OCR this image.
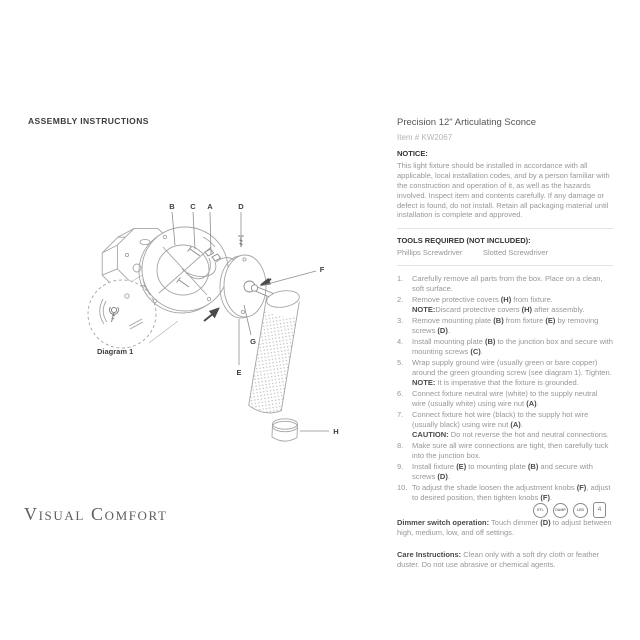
ASSEMBLY INSTRUCTIONS
B C A	D
F
G
E
H
Diagram 1
Visual Comfort

Precision 12" Articulating Sconce

Item # KW2067

NOTICE:

This light fixture should be installed in accordance with all applicable, local installation codes, and by a person familiar with the construction and operation of it, as well as the hazards involved. Inspect item and contents carefully. If any damage or defect is found, do not install. Retain all packaging material until installation is complete and approved.

TOOLS REQUIRED (NOT INCLUDED):

Phillips Screwdriver	Slotted Screwdriver
1.	Carefully remove all parts from the box. Place on a clean, soft surface.
2.	Remove protective covers (H) from fixture.
NOTE:Discard protective covers (H) after assembly.
3.	Remove mounting plate (B) from fixture (E) by removing screws (D).
4.	Install mounting plate (B) to the junction box and secure with mounting screws (C).
5.	Wrap supply ground wire (usually green or bare copper) around the green grounding screw (see diagram 1). Tighten.
NOTE: It is imperative that the fixture is grounded.
6.	Connect fixture neutral wire (white) to the supply neutral wire (usually white) using wire nut (A).
7.	Connect fixture hot wire (black) to the supply hot wire (usually black) using wire nut (A).
CAUTION: Do not reverse the hot and neutral connections.
8.	Make sure all wire connections are tight, then carefully tuck into the junction box.
9.	Install fixture (E) to mounting plate (B) and secure with screws (D).
10. To adjust the shade loosen the adjustment knobs (F), adjust to desired position, then tighten knobs (F).

Dimmer switch operation: Touch dimmer (D) to adjust between high, medium, low, and off settings.

Care Instructions: Clean only with a soft dry cloth or feather duster. Do not use abrasive or chemical agents.

ETL	DAMP	LED	4
